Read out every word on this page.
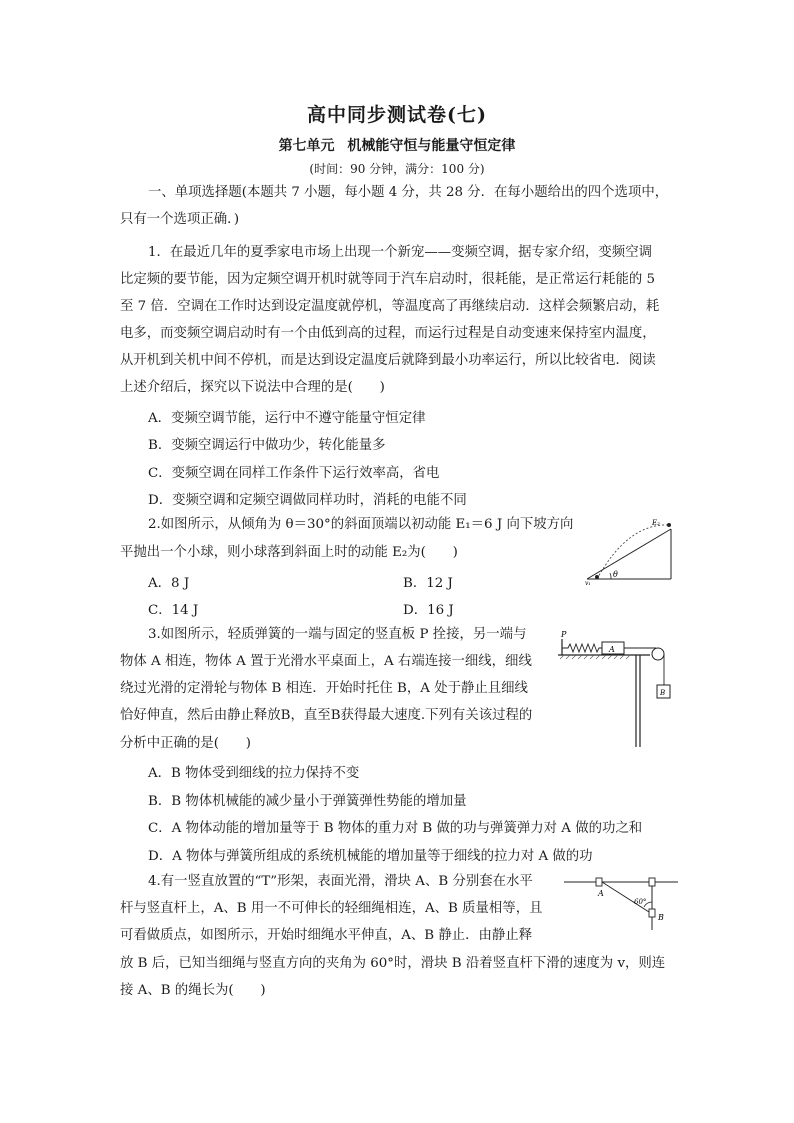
高中同步测试卷(七)
第七单元 机械能守恒与能量守恒定律
(时间：90 分钟，满分：100 分)
一、单项选择题(本题共 7 小题，每小题 4 分，共 28 分．在每小题给出的四个选项中，
只有一个选项正确．)
1．在最近几年的夏季家电市场上出现一个新宠——变频空调，据专家介绍，变频空调
比定频的要节能，因为定频空调开机时就等同于汽车启动时，很耗能，是正常运行耗能的 5
至 7 倍．空调在工作时达到设定温度就停机，等温度高了再继续启动．这样会频繁启动，耗
电多，而变频空调启动时有一个由低到高的过程，而运行过程是自动变速来保持室内温度，
从开机到关机中间不停机，而是达到设定温度后就降到最小功率运行，所以比较省电．阅读
上述介绍后，探究以下说法中合理的是(　　)
A．变频空调节能，运行中不遵守能量守恒定律
B．变频空调运行中做功少，转化能量多
C．变频空调在同样工作条件下运行效率高，省电
D．变频空调和定频空调做同样功时，消耗的电能不同
2.如图所示，从倾角为 θ＝30°的斜面顶端以初动能 E₁＝6 J 向下坡方向
平抛出一个小球，则小球落到斜面上时的动能 E₂为(　　)
A．8 J	B．12 J
C．14 J	D．16 J
E₂
θ
v₁
3.如图所示，轻质弹簧的一端与固定的竖直板 P 拴接，另一端与
物体 A 相连，物体 A 置于光滑水平桌面上，A 右端连接一细线，细线
绕过光滑的定滑轮与物体 B 相连．开始时托住 B，A 处于静止且细线
恰好伸直，然后由静止释放B，直至B获得最大速度.下列有关该过程的
分析中正确的是(　　)
A．B 物体受到细线的拉力保持不变
B．B 物体机械能的减少量小于弹簧弹性势能的增加量
C．A 物体动能的增加量等于 B 物体的重力对 B 做的功与弹簧弹力对 A 做的功之和
D．A 物体与弹簧所组成的系统机械能的增加量等于细线的拉力对 A 做的功
P
A
B
4.有一竖直放置的“T”形架，表面光滑，滑块 A、B 分别套在水平
杆与竖直杆上，A、B 用一不可伸长的轻细绳相连，A、B 质量相等，且
可看做质点，如图所示，开始时细绳水平伸直，A、B 静止．由静止释
放 B 后，已知当细绳与竖直方向的夹角为 60°时，滑块 B 沿着竖直杆下滑的速度为 v，则连
接 A、B 的绳长为(　　)
A
60°
B
